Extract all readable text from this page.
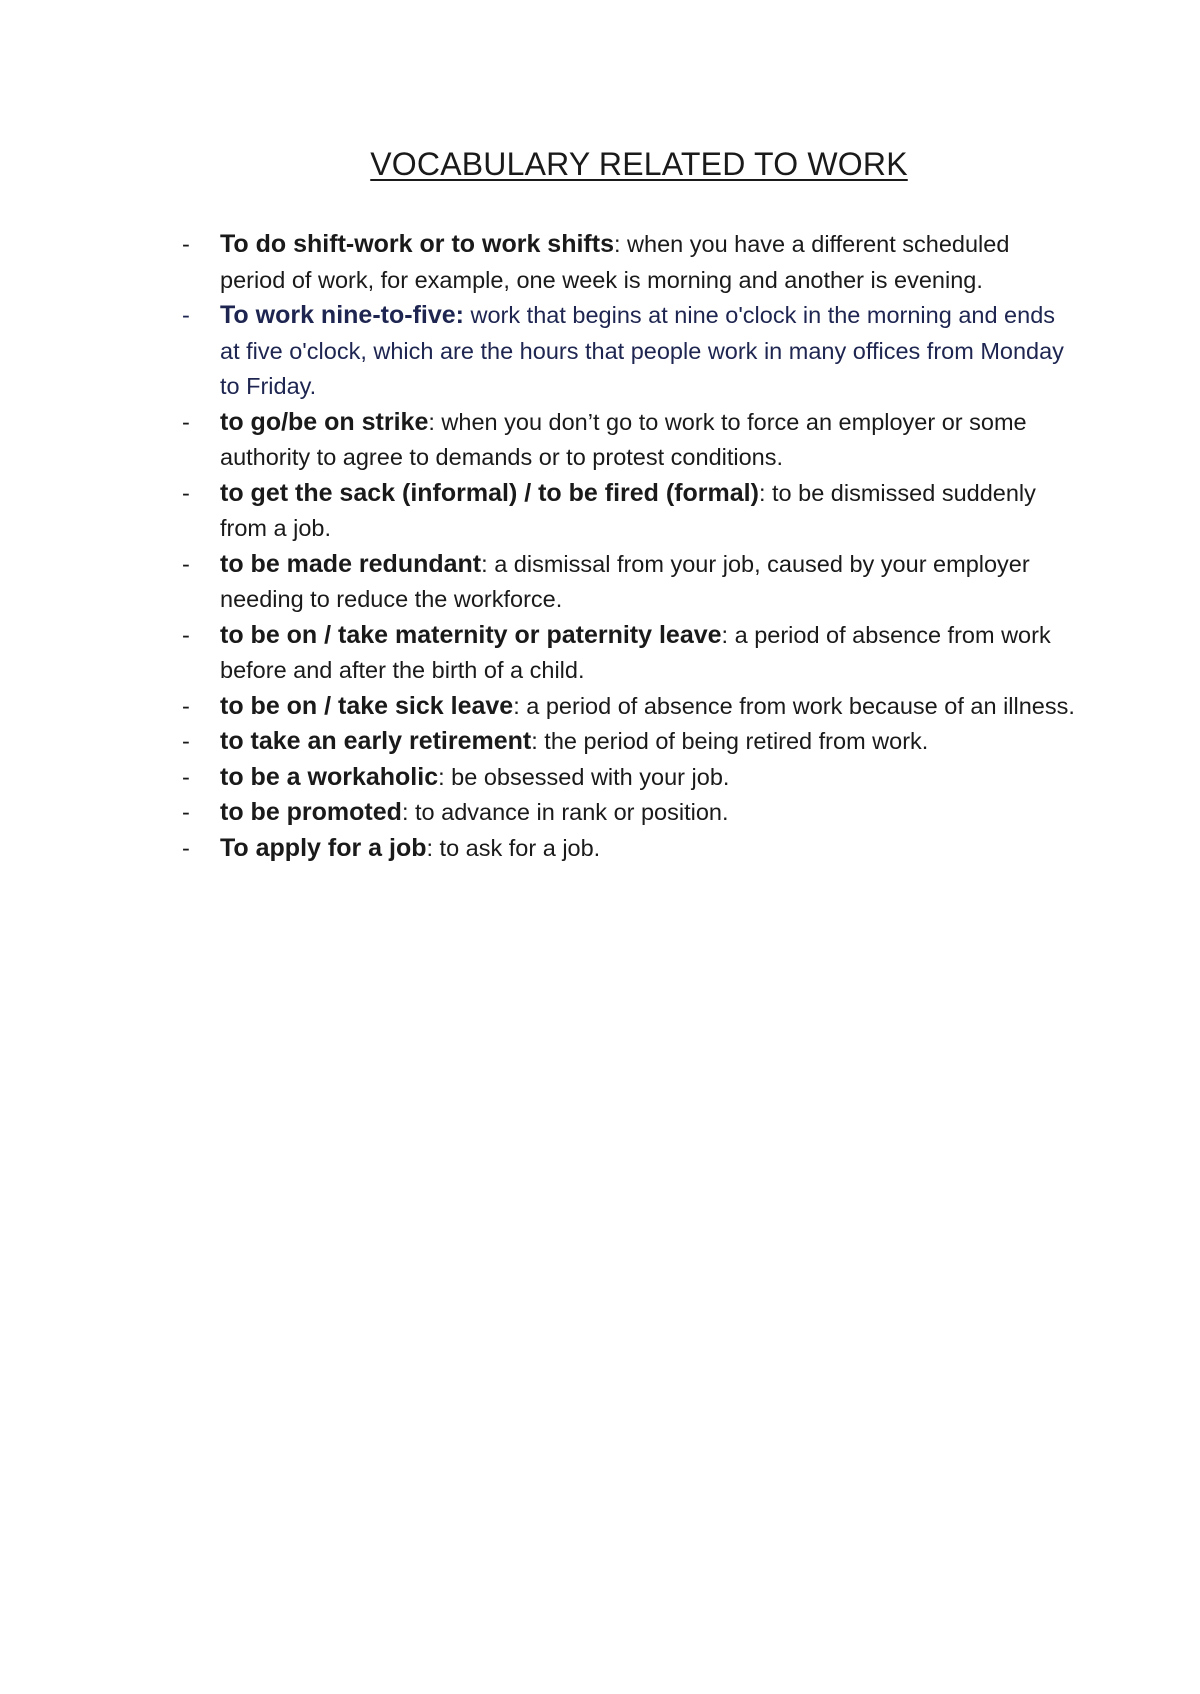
VOCABULARY RELATED TO WORK
- To do shift-work or to work shifts: when you have a different scheduled period of work, for example, one week is morning and another is evening.
- To work nine-to-five: work that begins at nine o'clock in the morning and ends at five o'clock, which are the hours that people work in many offices from Monday to Friday.
- to go/be on strike: when you don’t go to work to force an employer or some authority to agree to demands or to protest conditions.
- to get the sack (informal) / to be fired (formal): to be dismissed suddenly from a job.
- to be made redundant: a dismissal from your job, caused by your employer needing to reduce the workforce.
- to be on / take maternity or paternity leave: a period of absence from work before and after the birth of a child.
- to be on / take sick leave: a period of absence from work because of an illness.
- to take an early retirement: the period of being retired from work.
- to be a workaholic: be obsessed with your job.
- to be promoted: to advance in rank or position.
- To apply for a job: to ask for a job.
